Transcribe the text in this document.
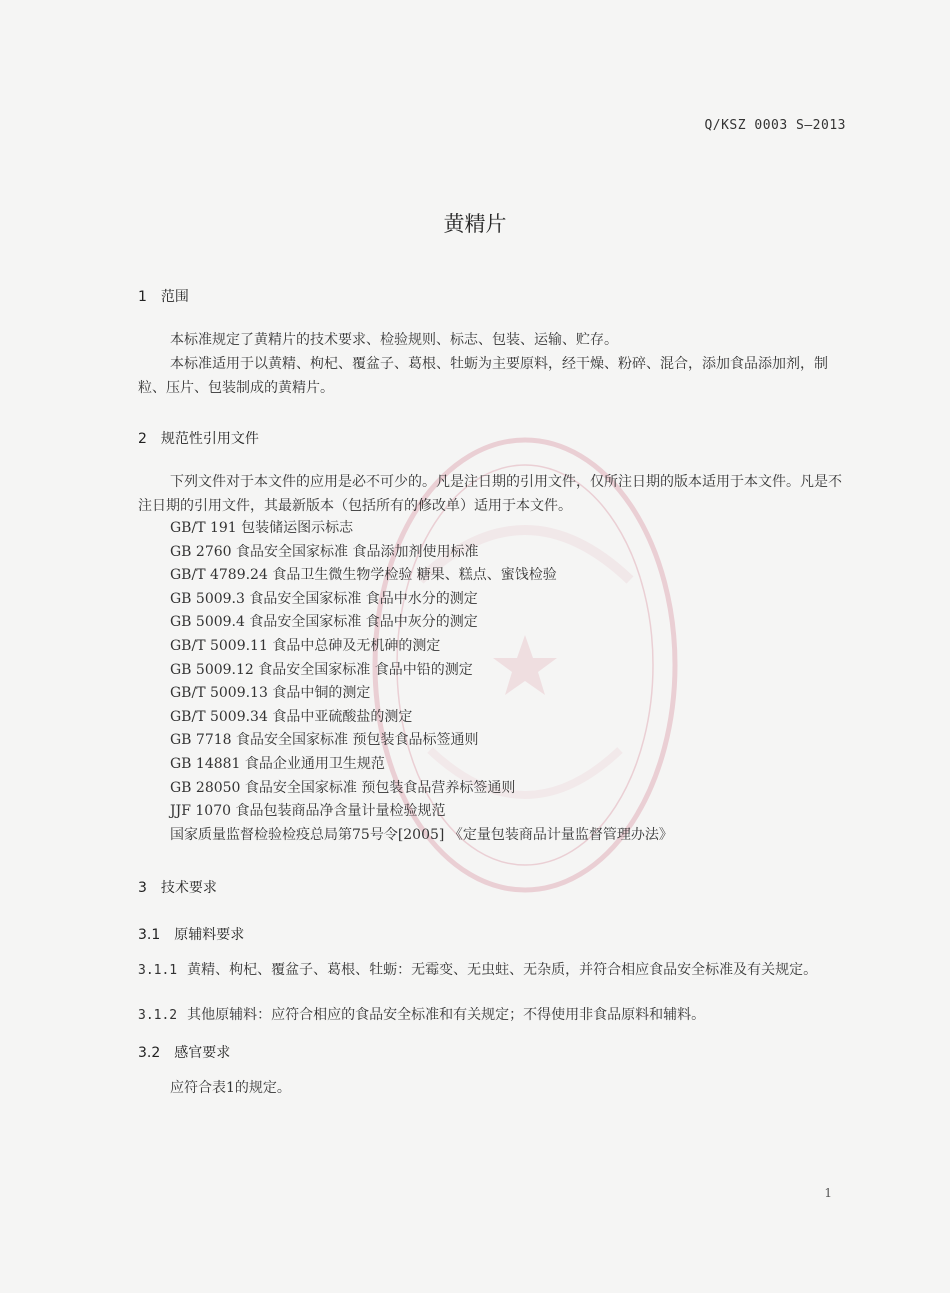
Q/KSZ 0003 S—2013
黄精片
1 范围
本标准规定了黄精片的技术要求、检验规则、标志、包装、运输、贮存。
本标准适用于以黄精、枸杞、覆盆子、葛根、牡蛎为主要原料，经干燥、粉碎、混合，添加食品添加剂，制粒、压片、包装制成的黄精片。
2 规范性引用文件
下列文件对于本文件的应用是必不可少的。凡是注日期的引用文件，仅所注日期的版本适用于本文件。凡是不注日期的引用文件，其最新版本（包括所有的修改单）适用于本文件。
GB/T 191 包装储运图示标志
GB 2760 食品安全国家标准 食品添加剂使用标准
GB/T 4789.24 食品卫生微生物学检验 糖果、糕点、蜜饯检验
GB 5009.3 食品安全国家标准 食品中水分的测定
GB 5009.4 食品安全国家标准 食品中灰分的测定
GB/T 5009.11 食品中总砷及无机砷的测定
GB 5009.12 食品安全国家标准 食品中铅的测定
GB/T 5009.13 食品中铜的测定
GB/T 5009.34 食品中亚硫酸盐的测定
GB 7718 食品安全国家标准 预包装食品标签通则
GB 14881 食品企业通用卫生规范
GB 28050 食品安全国家标准 预包装食品营养标签通则
JJF 1070 食品包装商品净含量计量检验规范
国家质量监督检验检疫总局第75号令[2005] 《定量包装商品计量监督管理办法》
3 技术要求
3.1 原辅料要求
3.1.1 黄精、枸杞、覆盆子、葛根、牡蛎：无霉变、无虫蛀、无杂质，并符合相应食品安全标准及有关规定。
3.1.2 其他原辅料：应符合相应的食品安全标准和有关规定；不得使用非食品原料和辅料。
3.2 感官要求
应符合表1的规定。
1
